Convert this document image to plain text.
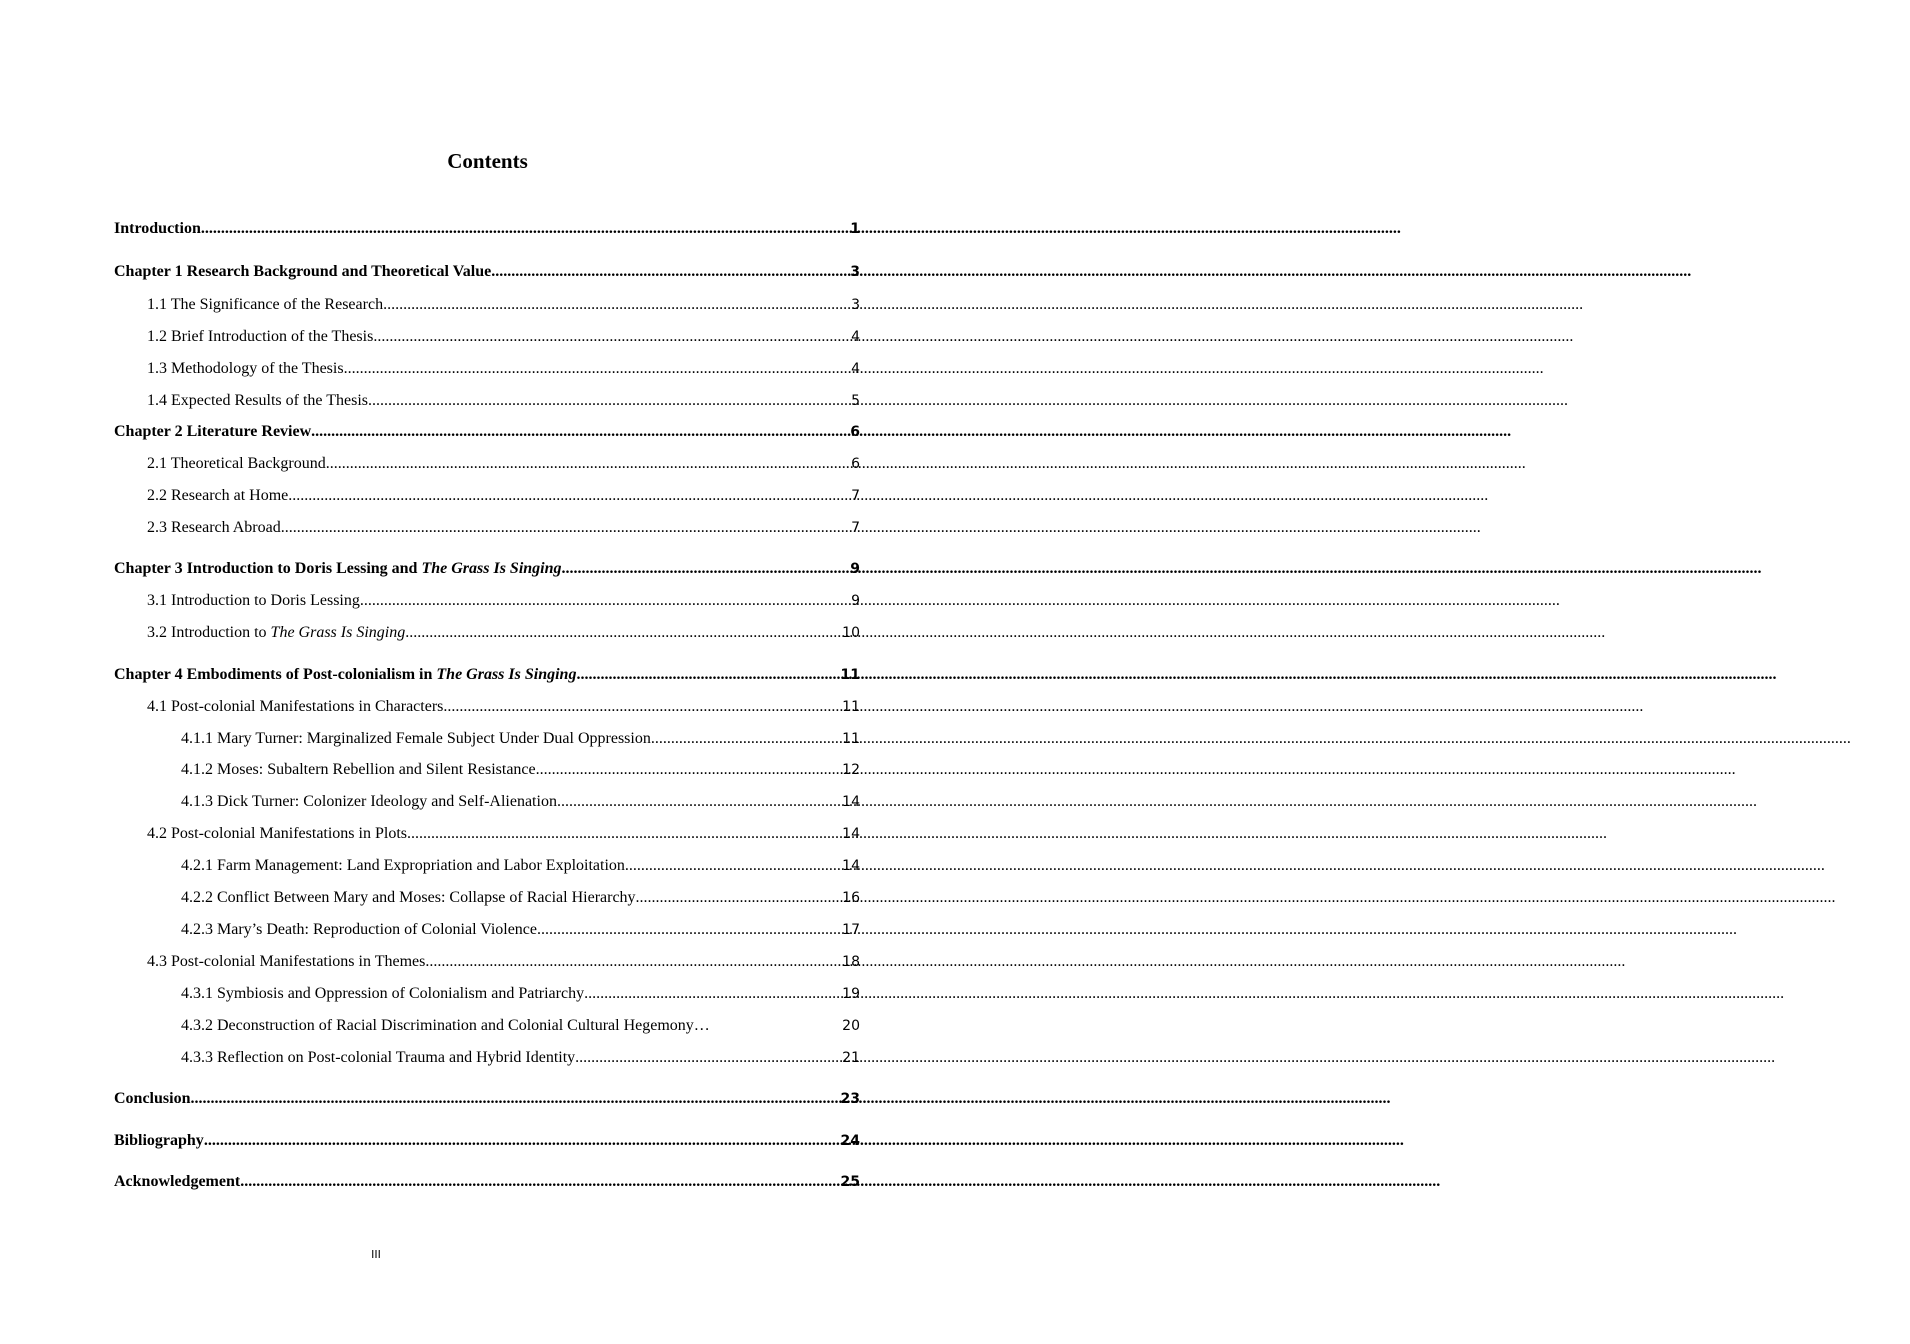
Contents
Introduction .....	1
Chapter 1 Research Background and Theoretical Value .....	3
1.1 The Significance of the Research .....	3
1.2 Brief Introduction of the Thesis .....	4
1.3 Methodology of the Thesis .....	4
1.4 Expected Results of the Thesis .....	5
Chapter 2 Literature Review .....	6
2.1 Theoretical Background .....	6
2.2 Research at Home .....	7
2.3 Research Abroad .....	7
Chapter 3 Introduction to Doris Lessing and The Grass Is Singing .....	9
3.1 Introduction to Doris Lessing .....	9
3.2 Introduction to The Grass Is Singing .....	10
Chapter 4 Embodiments of Post-colonialism in The Grass Is Singing .....	11
4.1 Post-colonial Manifestations in Characters .....	11
4.1.1 Mary Turner: Marginalized Female Subject Under Dual Oppression .....	11
4.1.2 Moses: Subaltern Rebellion and Silent Resistance .....	12
4.1.3 Dick Turner: Colonizer Ideology and Self-Alienation .....	14
4.2 Post-colonial Manifestations in Plots .....	14
4.2.1 Farm Management: Land Expropriation and Labor Exploitation .....	14
4.2.2 Conflict Between Mary and Moses: Collapse of Racial Hierarchy .....	16
4.2.3 Mary’s Death: Reproduction of Colonial Violence .....	17
4.3 Post-colonial Manifestations in Themes .....	18
4.3.1 Symbiosis and Oppression of Colonialism and Patriarchy .....	19
4.3.2 Deconstruction of Racial Discrimination and Colonial Cultural Hegemony…	20
4.3.3 Reflection on Post-colonial Trauma and Hybrid Identity .....	21
Conclusion .....	23
Bibliography .....	24
Acknowledgement .....	25
III
